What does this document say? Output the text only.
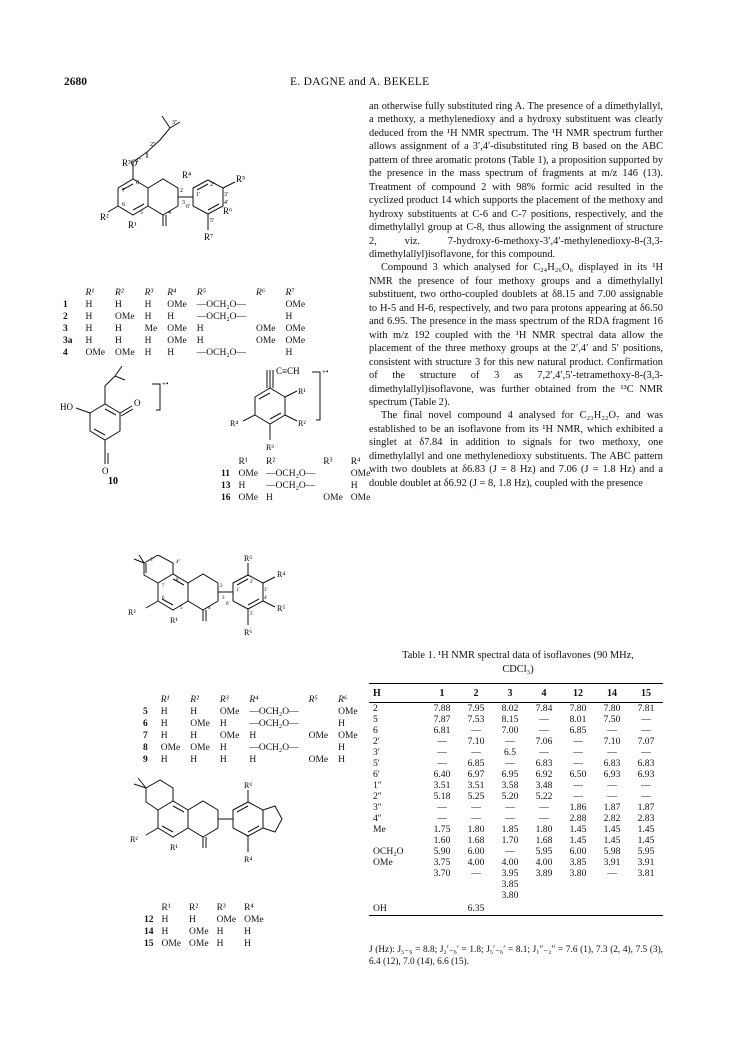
2680	E. DAGNE and A. BEKELE
R³O
R²
R¹
R⁴	R⁵
R⁶
R⁷
2
3
4
5
6
7
8
1′
2′
3′
4′
5′
6′
1″
2″
3″
	R¹	R²	R³	R⁴	R⁵	R⁶	R⁷
1	H	H	H	OMe	—OCH₂O—		OMe
2	H	OMe	H	H	—OCH₂O—		H
3	H	H	Me	OMe	H	OMe	OMe
3a	H	H	H	OMe	H	OMe	OMe
4	OMe	OMe	H	H	—OCH₂O—		H
HO	O
O
+•
10
C≡CH
R¹
R²
R³
R⁴
+•
	R¹	R²	R³	R⁴
11	OMe	—OCH₂O—		OMe
13	H	—OCH₂O—		H
16	OMe	H	OMe	OMe
R²
R¹
R³
R⁴
R⁵
R⁶
2
3
4
5
6
7
8
1′
2′
3′
4′
5′
6′
4″
3″
	R¹	R²	R³	R⁴	R⁵	R⁶
5	H	H	OMe	—OCH₂O—		OMe
6	H	OMe	H	—OCH₂O—		H
7	H	H	OMe	H	OMe	OMe
8	OMe	OMe	H	—OCH₂O—		H
9	H	H	H	H	OMe	H
R²
R¹
R³
R⁴
	R¹	R²	R³	R⁴
12	H	H	OMe	OMe
14	H	OMe	H	H
15	OMe	OMe	H	H

an otherwise fully substituted ring A. The presence of a dimethylallyl, a methoxy, a methylenedioxy and a hydroxy substituent was clearly deduced from the ¹H NMR spectrum. The ¹H NMR spectrum further allows assignment of a 3′,4′-disubstituted ring B based on the ABC pattern of three aromatic protons (Table 1), a proposition supported by the presence in the mass spectrum of fragments at m/z 146 (13). Treatment of compound 2 with 98% formic acid resulted in the cyclized product 14 which supports the placement of the methoxy and hydroxy substituents at C-6 and C-7 positions, respectively, and the dimethylallyl group at C-8, thus allowing the assignment of structure 2, viz. 7-hydroxy-6-methoxy-3′,4′-methylenedioxy-8-(3,3-dimethylallyl)isoflavone, for this compound.

Compound 3 which analysed for C₂₄H₂₆O₆ displayed in its ¹H NMR the presence of four methoxy groups and a dimethylallyl substituent, two ortho-coupled doublets at δ8.15 and 7.00 assignable to H-5 and H-6, respectively, and two para protons appearing at δ6.50 and 6.95. The presence in the mass spectrum of the RDA fragment 16 with m/z 192 coupled with the ¹H NMR spectral data allow the placement of the three methoxy groups at the 2′,4′ and 5′ positions, consistent with structure 3 for this new natural product. Confirmation of the structure of 3 as 7,2′,4′,5′-tetramethoxy-8-(3,3-dimethylallyl)isoflavone, was further obtained from the ¹³C NMR spectrum (Table 2).

The final novel compound 4 analysed for C₂₃H₂₂O₇ and was established to be an isoflavone from its ¹H NMR, which exhibited a singlet at δ7.84 in addition to signals for two methoxy, one dimethylallyl and one methylenedioxy substituents. The ABC pattern with two doublets at δ6.83 (J = 8 Hz) and 7.06 (J = 1.8 Hz) and a double doublet at δ6.92 (J = 8, 1.8 Hz), coupled with the presence

Table 1. ¹H NMR spectral data of isoflavones (90 MHz,
CDCl₃)
H	1	2	3	4	12	14	15
2	7.88	7.95	8.02	7.84	7.80	7.80	7.81
5	7.87	7.53	8.15	—	8.01	7.50	—
6	6.81	—	7.00	—	6.85	—	—
2′	—	7.10	—	7.06	—	7.10	7.07
3′	—	—	6.5	—	—	—	—
5′	—	6.85	—	6.83	—	6.83	6.83
6′	6.40	6.97	6.95	6.92	6.50	6.93	6.93
1″	3.51	3.51	3.58	3.48	—	—	—
2″	5.18	5.25	5.20	5.22	—	—	—
3″	—	—	—	—	1.86	1.87	1.87
4″	—	—	—	—	2.88	2.82	2.83
Me	1.75	1.80	1.85	1.80	1.45	1.45	1.45
	1.60	1.68	1.70	1.68	1.45	1.45	1.45
OCH₂O	5.90	6.00	—	5.95	6.00	5.98	5.95
OMe	3.75	4.00	4.00	4.00	3.85	3.91	3.91
	3.70	—	3.95	3.89	3.80	—	3.81
			3.85				
			3.80				
OH		6.35					
J (Hz): J₅₋₆ = 8.8; J₂′₋₆′ = 1.8; J₅′₋₆′ = 8.1; J₁″₋₂″ = 7.6 (1), 7.3 (2, 4), 7.5 (3), 6.4 (12), 7.0 (14), 6.6 (15).
